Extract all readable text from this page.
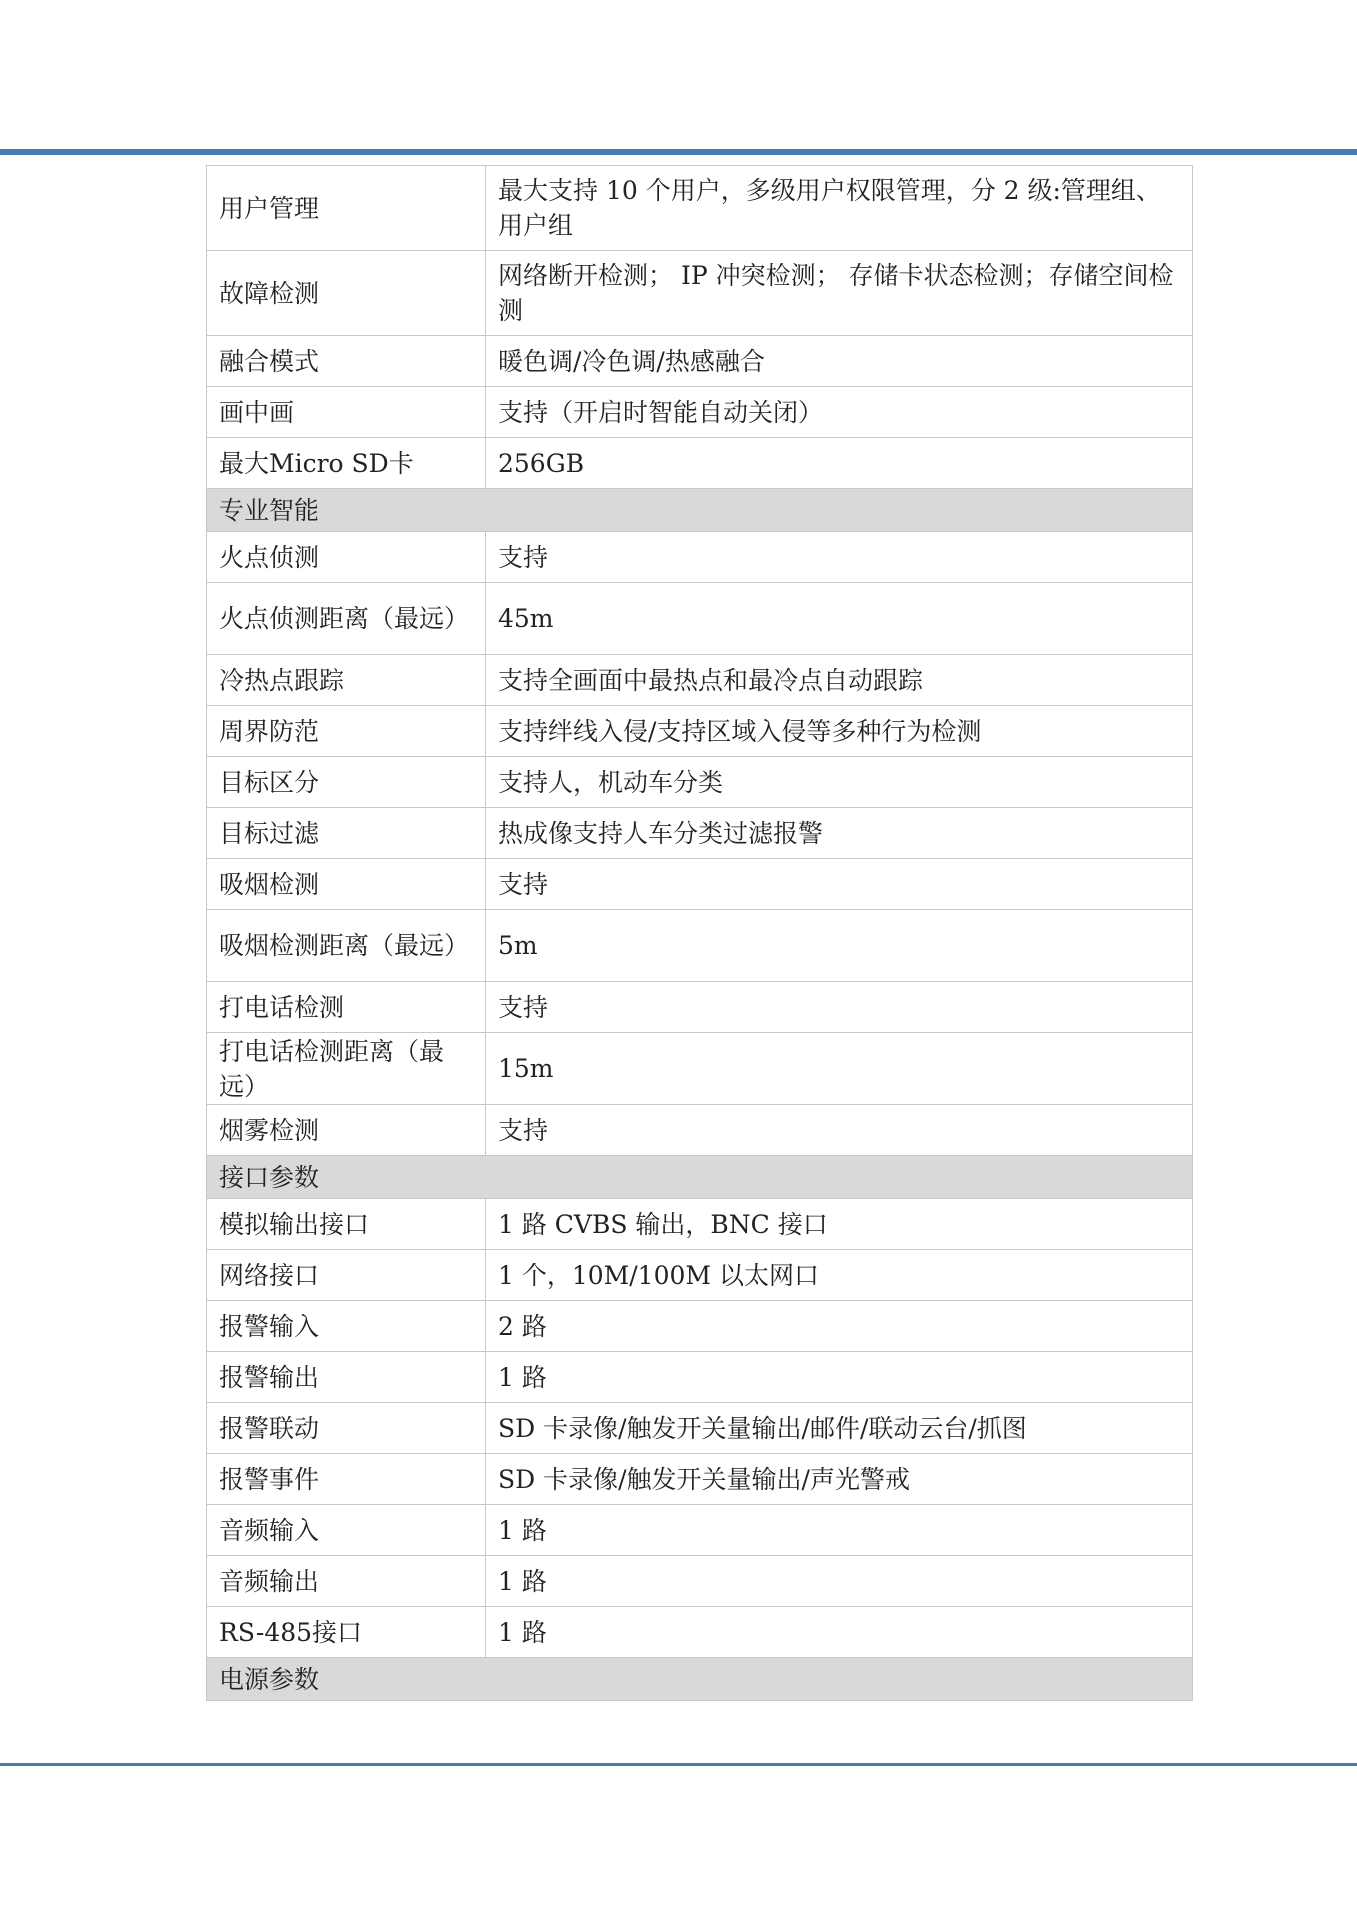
用户管理	最大支持 10 个用户，多级用户权限管理，分 2 级:管理组、用户组
故障检测	网络断开检测； IP 冲突检测； 存储卡状态检测；存储空间检测
融合模式	暖色调/冷色调/热感融合
画中画	支持（开启时智能自动关闭）
最大Micro SD卡	256GB
专业智能	
火点侦测	支持
火点侦测距离（最远）	45m
冷热点跟踪	支持全画面中最热点和最冷点自动跟踪
周界防范	支持绊线入侵/支持区域入侵等多种行为检测
目标区分	支持人，机动车分类
目标过滤	热成像支持人车分类过滤报警
吸烟检测	支持
吸烟检测距离（最远）	5m
打电话检测	支持
打电话检测距离（最远）	15m
烟雾检测	支持
接口参数	
模拟输出接口	1 路 CVBS 输出，BNC 接口
网络接口	1 个，10M/100M 以太网口
报警输入	2 路
报警输出	1 路
报警联动	SD 卡录像/触发开关量输出/邮件/联动云台/抓图
报警事件	SD 卡录像/触发开关量输出/声光警戒
音频输入	1 路
音频输出	1 路
RS-485接口	1 路
电源参数	
